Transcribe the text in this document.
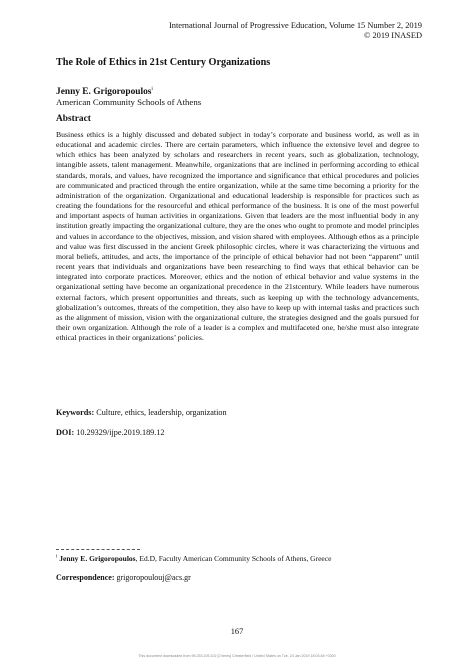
International Journal of Progressive Education, Volume 15 Number 2, 2019
© 2019 INASED
The Role of Ethics in 21st Century Organizations
Jenny E. Grigoropoulos$^i$
American Community Schools of Athens
Abstract
Business ethics is a highly discussed and debated subject in today’s corporate and business world, as well as in educational and academic circles. There are certain parameters, which influence the extensive level and degree to which ethics has been analyzed by scholars and researchers in recent years, such as globalization, technology, intangible assets, talent management. Meanwhile, organizations that are inclined in performing according to ethical standards, morals, and values, have recognized the importance and significance that ethical procedures and policies are communicated and practiced through the entire organization, while at the same time becoming a priority for the administration of the organization. Organizational and educational leadership is responsible for practices such as creating the foundations for the resourceful and ethical performance of the business. It is one of the most powerful and important aspects of human activities in organizations. Given that leaders are the most influential body in any institution greatly impacting the organizational culture, they are the ones who ought to promote and model principles and values in accordance to the objectives, mission, and vision shared with employees. Although ethos as a principle and value was first discussed in the ancient Greek philosophic circles, where it was characterizing the virtuous and moral beliefs, attitudes, and acts, the importance of the principle of ethical behavior had not been “apparent” until recent years that individuals and organizations have been researching to find ways that ethical behavior can be integrated into corporate practices. Moreover, ethics and the notion of ethical behavior and value systems in the organizational setting have become an organizational precedence in the 21stcentury. While leaders have numerous external factors, which present opportunities and threats, such as keeping up with the technology advancements, globalization’s outcomes, threats of the competition, they also have to keep up with internal tasks and practices such as the alignment of mission, vision with the organizational culture, the strategies designed and the goals pursued for their own organization. Although the role of a leader is a complex and multifaceted one, he/she must also integrate ethical practices in their organizations’ policies.
Keywords: Culture, ethics, leadership, organization
DOI: 10.29329/ijpe.2019.189.12
$^i$ Jenny E. Grigoropoulos, Ed.D, Faculty American Community Schools of Athens, Greece
Correspondence: grigoropoulouj@acs.gr
167
This document downloaded from 96.253.105.102 [2 times] Chesterfield / United States on Tue, 24 Jan 2019 18:03:48 +0300
